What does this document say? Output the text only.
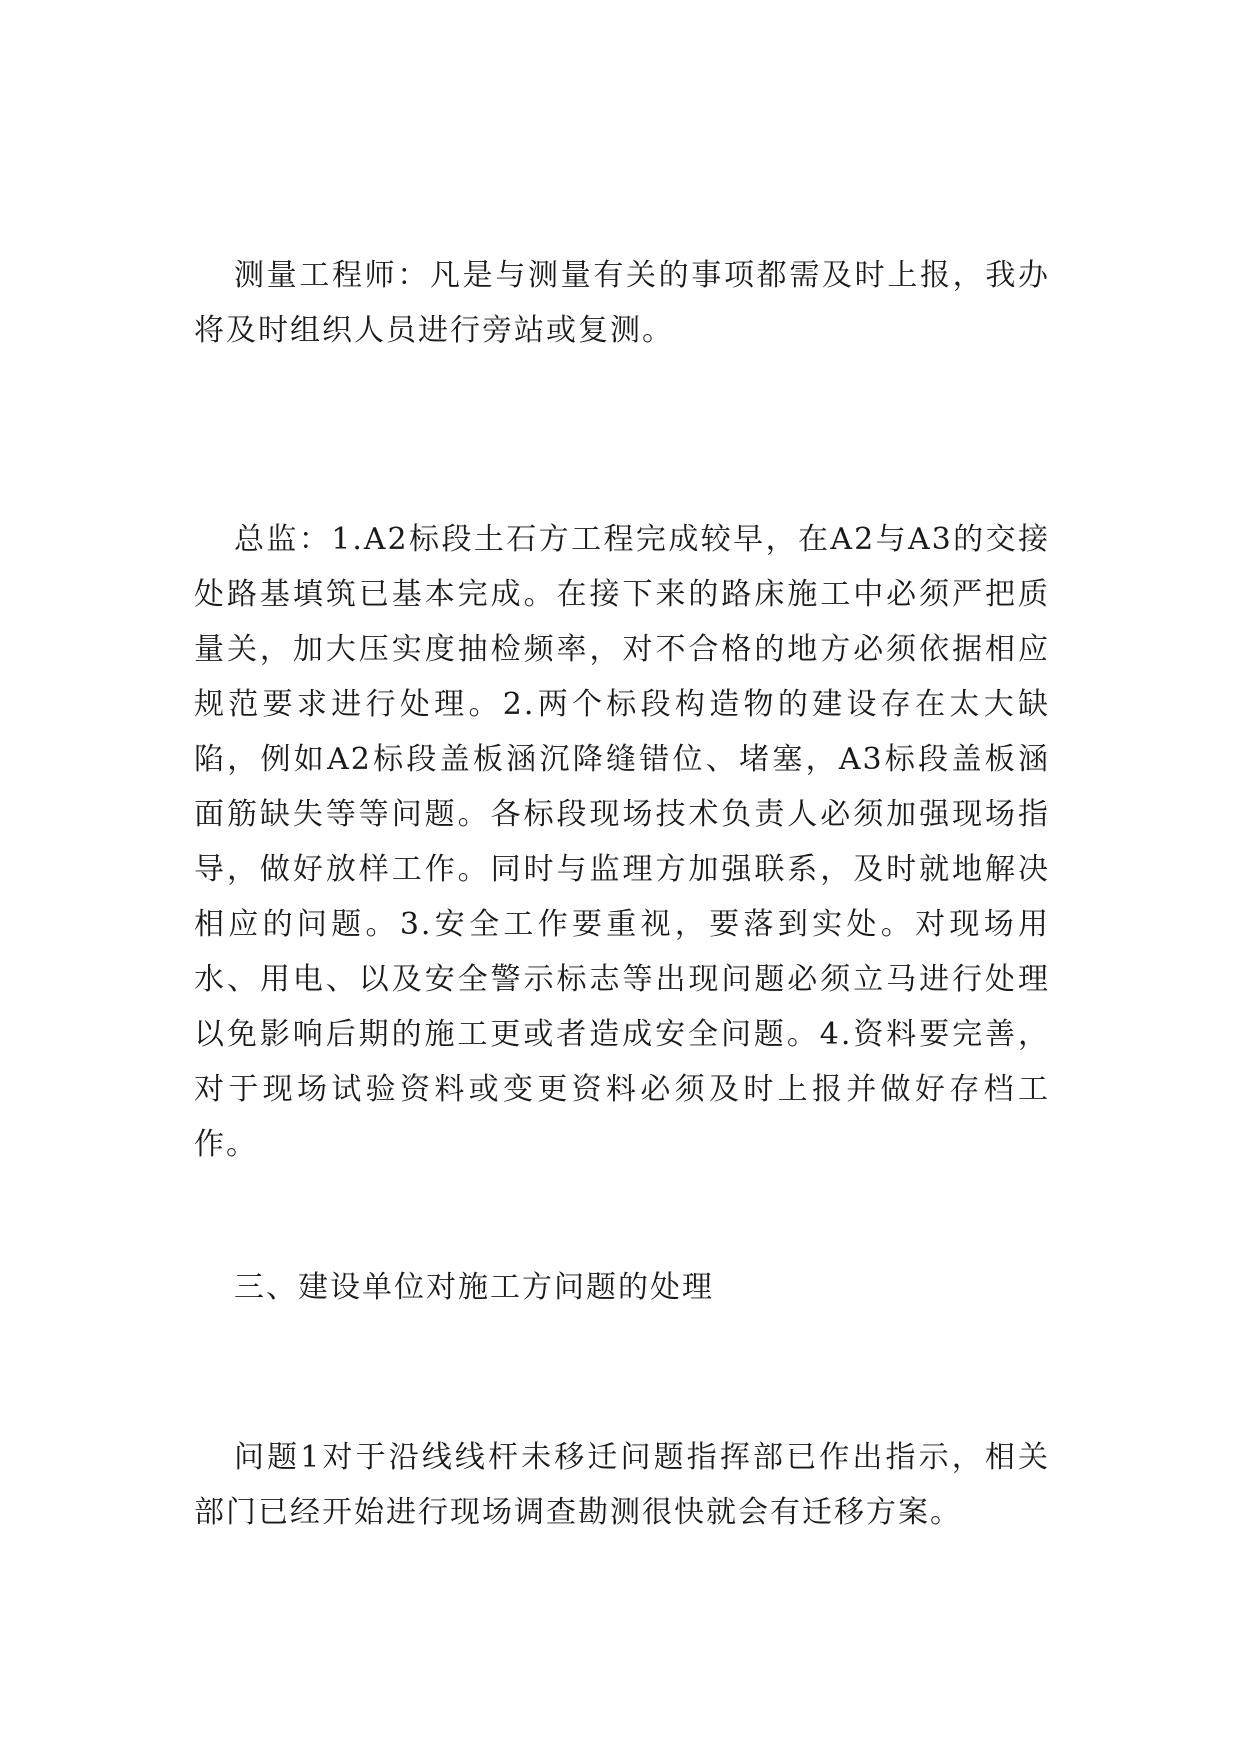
测量工程师：凡是与测量有关的事项都需及时上报，我办将及时组织人员进行旁站或复测。

总监：1.A2标段土石方工程完成较早，在A2与A3的交接处路基填筑已基本完成。在接下来的路床施工中必须严把质量关，加大压实度抽检频率，对不合格的地方必须依据相应规范要求进行处理。2.两个标段构造物的建设存在太大缺陷，例如A2标段盖板涵沉降缝错位、堵塞，A3标段盖板涵面筋缺失等等问题。各标段现场技术负责人必须加强现场指导，做好放样工作。同时与监理方加强联系，及时就地解决相应的问题。3.安全工作要重视，要落到实处。对现场用水、用电、以及安全警示标志等出现问题必须立马进行处理以免影响后期的施工更或者造成安全问题。4.资料要完善，对于现场试验资料或变更资料必须及时上报并做好存档工作。

三、建设单位对施工方问题的处理

问题1对于沿线线杆未移迁问题指挥部已作出指示，相关部门已经开始进行现场调查勘测很快就会有迁移方案。
